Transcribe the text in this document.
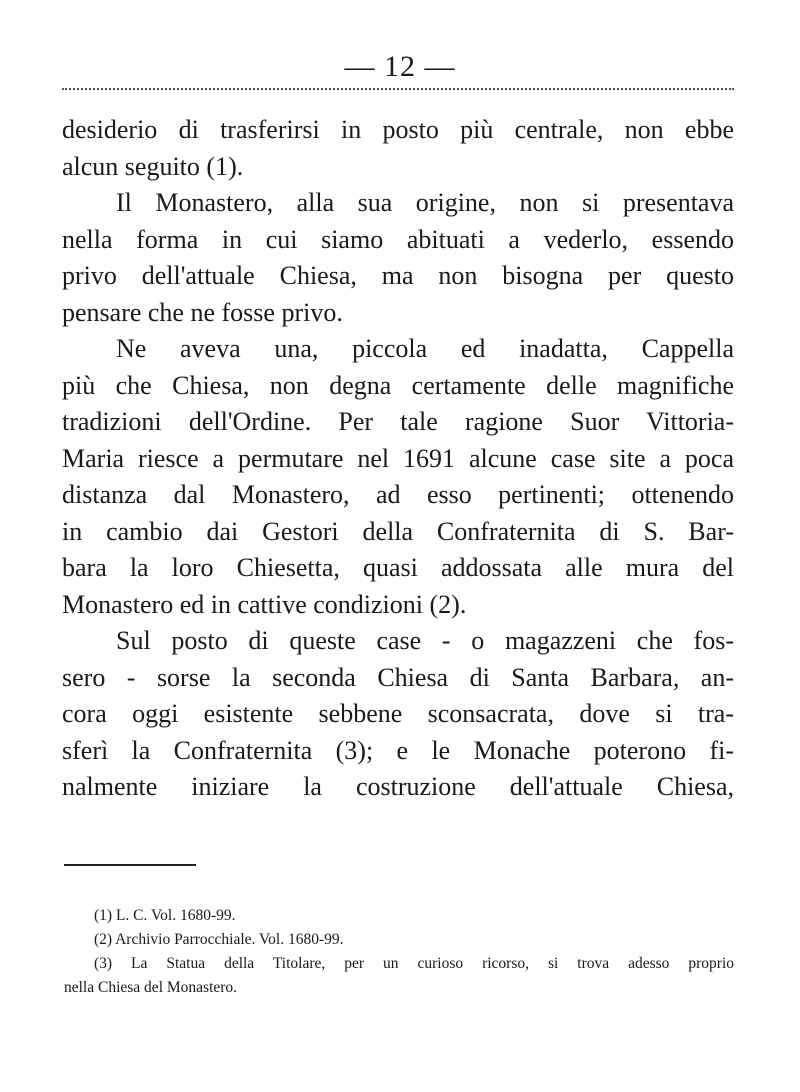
— 12 —

desiderio di trasferirsi in posto più centrale, non ebbe
alcun seguito (1).

Il Monastero, alla sua origine, non si presentava
nella forma in cui siamo abituati a vederlo, essendo
privo dell'attuale Chiesa, ma non bisogna per questo
pensare che ne fosse privo.

Ne aveva una, piccola ed inadatta, Cappella
più che Chiesa, non degna certamente delle magnifiche
tradizioni dell'Ordine. Per tale ragione Suor Vittoria-
Maria riesce a permutare nel 1691 alcune case site a poca
distanza dal Monastero, ad esso pertinenti; ottenendo
in cambio dai Gestori della Confraternita di S. Bar-
bara la loro Chiesetta, quasi addossata alle mura del
Monastero ed in cattive condizioni (2).

Sul posto di queste case - o magazzeni che fos-
sero - sorse la seconda Chiesa di Santa Barbara, an-
cora oggi esistente sebbene sconsacrata, dove si tra-
sferì la Confraternita (3); e le Monache poterono fi-
nalmente iniziare la costruzione dell'attuale Chiesa,

(1) L. C. Vol. 1680-99.
(2) Archivio Parrocchiale. Vol. 1680-99.
(3) La Statua della Titolare, per un curioso ricorso, si trova adesso proprio
nella Chiesa del Monastero.
